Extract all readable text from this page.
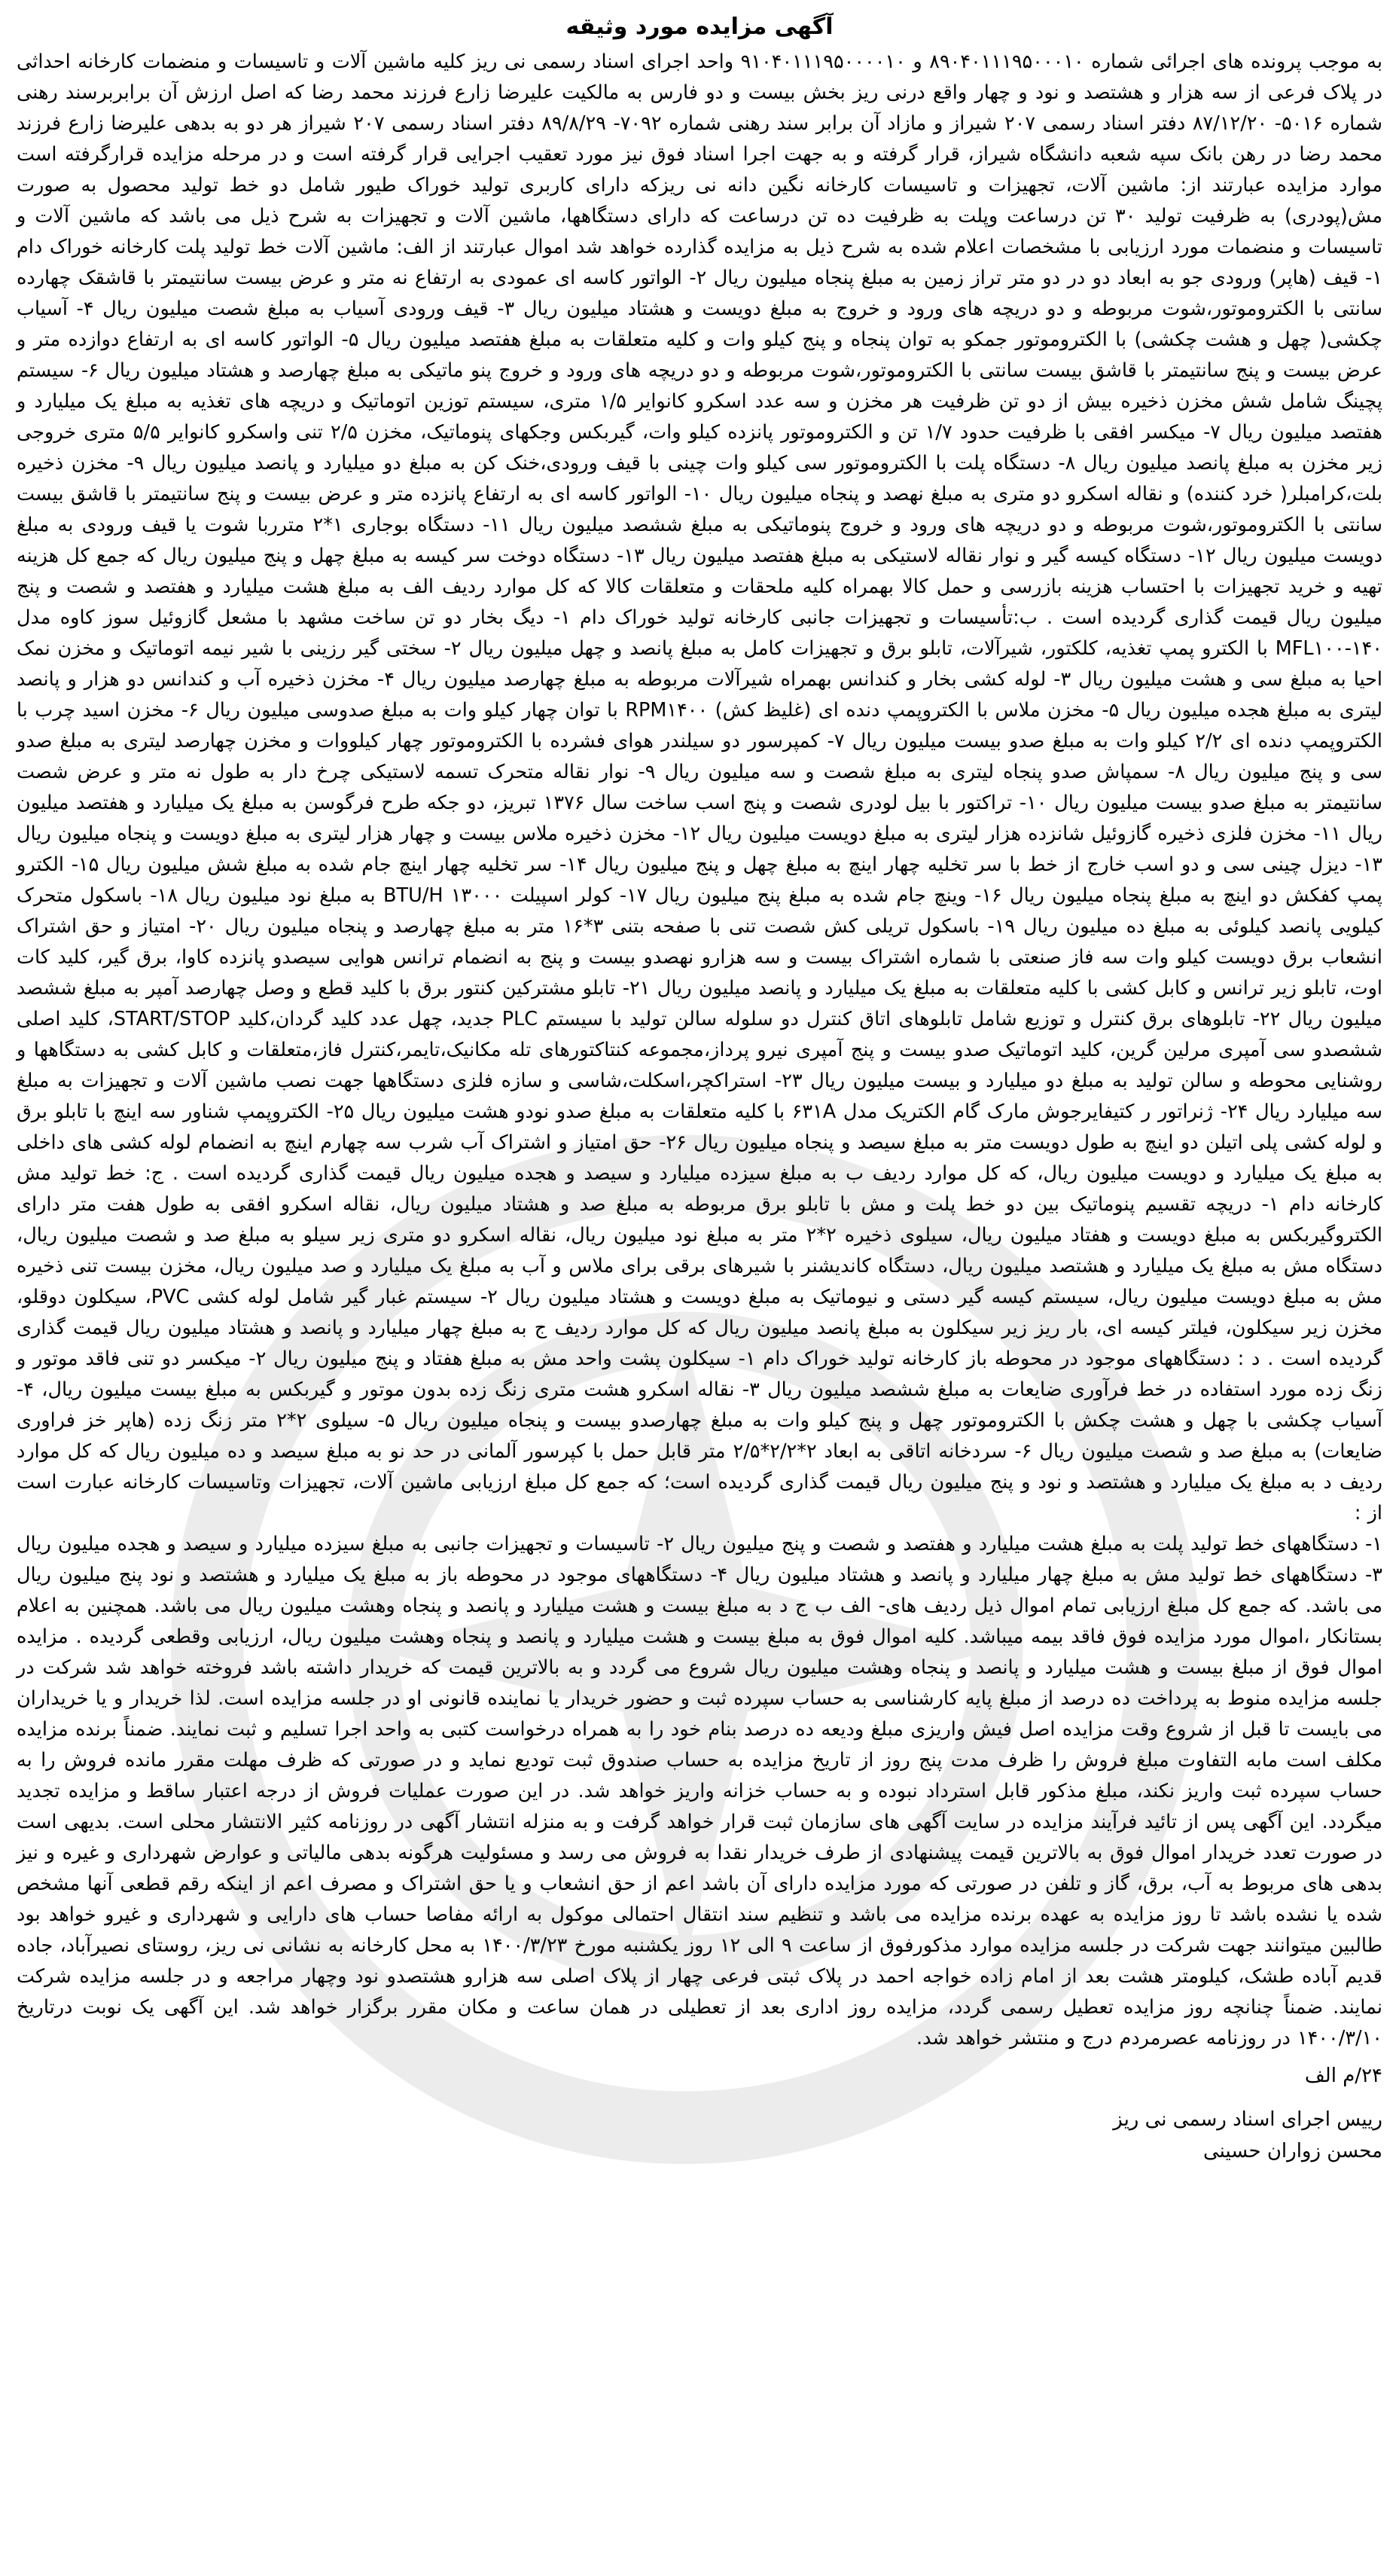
آگهی مزایده مورد وثیقه

به موجب پرونده های اجرائی شماره ۸۹۰۴۰۱۱۱۹۵۰۰۰۱۰ و ۹۱۰۴۰۱۱۱۹۵۰۰۰۰۱۰ واحد اجرای اسناد رسمی نی ریز کلیه ماشین آلات و تاسیسات و منضمات کارخانه احداثی در پلاک فرعی از سه هزار و هشتصد و نود و چهار واقع درنی ریز بخش بیست و دو فارس به مالکیت علیرضا زارع فرزند محمد رضا که اصل ارزش آن برابربرسند رهنی شماره ۵۰۱۶- ۸۷/۱۲/۲۰ دفتر اسناد رسمی ۲۰۷ شیراز و مازاد آن برابر سند رهنی شماره ۷۰۹۲- ۸۹/۸/۲۹ دفتر اسناد رسمی ۲۰۷ شیراز هر دو به بدهی علیرضا زارع فرزند محمد رضا در رهن بانک سپه شعبه دانشگاه شیراز، قرار گرفته و به جهت اجرا اسناد فوق نیز مورد تعقیب اجرایی قرار گرفته است و در مرحله مزایده قرارگرفته است موارد مزایده عبارتند از: ماشین آلات، تجهیزات و تاسیسات کارخانه نگین دانه نی ریزکه دارای کاربری تولید خوراک طیور شامل دو خط تولید محصول به صورت مش(پودری) به ظرفیت تولید ۳۰ تن درساعت وپلت به ظرفیت ده تن درساعت که دارای دستگاهها، ماشین آلات و تجهیزات به شرح ذیل می باشد که ماشین آلات و تاسیسات و منضمات مورد ارزیابی با مشخصات اعلام شده به شرح ذیل به مزایده گذارده خواهد شد اموال عبارتند از الف: ماشین آلات خط تولید پلت کارخانه خوراک دام ۱- قیف (هاپر) ورودی جو به ابعاد دو در دو متر تراز زمین به مبلغ پنجاه میلیون ریال ۲- الواتور کاسه ای عمودی به ارتفاع نه متر و عرض بیست سانتیمتر با قاشقک چهارده سانتی با الکتروموتور،شوت مربوطه و دو دریچه های ورود و خروج به مبلغ دویست و هشتاد میلیون ریال ۳- قیف ورودی آسیاب به مبلغ شصت میلیون ریال ۴- آسیاب چکشی( چهل و هشت چکشی) با الکتروموتور جمکو به توان پنجاه و پنج کیلو وات و کلیه متعلقات به مبلغ هفتصد میلیون ریال ۵- الواتور کاسه ای به ارتفاع دوازده متر و عرض بیست و پنج سانتیمتر با قاشق بیست سانتی با الکتروموتور،شوت مربوطه و دو دریچه های ورود و خروج پنو ماتیکی به مبلغ چهارصد و هشتاد میلیون ریال ۶- سیستم پچینگ شامل شش مخزن ذخیره بیش از دو تن ظرفیت هر مخزن و سه عدد اسکرو کانوایر ۱/۵ متری، سیستم توزین اتوماتیک و دریچه های تغذیه به مبلغ یک میلیارد و هفتصد میلیون ریال ۷- میکسر افقی با ظرفیت حدود ۱/۷ تن و الکتروموتور پانزده کیلو وات، گیربکس وجکهای پنوماتیک، مخزن ۲/۵ تنی واسکرو کانوایر ۵/۵ متری خروجی زیر مخزن به مبلغ پانصد میلیون ریال ۸- دستگاه پلت با الکتروموتور سی کیلو وات چینی با قیف ورودی،خنک کن به مبلغ دو میلیارد و پانصد میلیون ریال ۹- مخزن ذخیره بلت،کرامبلر( خرد کننده) و نقاله اسکرو دو متری به مبلغ نهصد و پنجاه میلیون ریال ۱۰- الواتور کاسه ای به ارتفاع پانزده متر و عرض بیست و پنج سانتیمتر با قاشق بیست سانتی با الکتروموتور،شوت مربوطه و دو دریچه های ورود و خروج پنوماتیکی به مبلغ ششصد میلیون ریال ۱۱- دستگاه بوجاری ۱*۲ مترربا شوت یا قیف ورودی به مبلغ دویست میلیون ریال ۱۲- دستگاه کیسه گیر و نوار نقاله لاستیکی به مبلغ هفتصد میلیون ریال ۱۳- دستگاه دوخت سر کیسه به مبلغ چهل و پنج میلیون ریال که جمع کل هزینه تهیه و خرید تجهیزات با احتساب هزینه بازرسی و حمل کالا بهمراه کلیه ملحقات و متعلقات کالا که کل موارد ردیف الف به مبلغ هشت میلیارد و هفتصد و شصت و پنج میلیون ریال قیمت گذاری گردیده است . ب:تأسیسات و تجهیزات جانبی کارخانه تولید خوراک دام ۱- دیگ بخار دو تن ساخت مشهد با مشعل گازوئیل سوز کاوه مدل MFL۱۰۰-۱۴۰ با الکترو پمپ تغذیه، کلکتور، شیرآلات، تابلو برق و تجهیزات کامل به مبلغ پانصد و چهل میلیون ریال ۲- سختی گیر رزینی با شیر نیمه اتوماتیک و مخزن نمک احیا به مبلغ سی و هشت میلیون ریال ۳- لوله کشی بخار و کندانس بهمراه شیرآلات مربوطه به مبلغ چهارصد میلیون ریال ۴- مخزن ذخیره آب و کندانس دو هزار و پانصد لیتری به مبلغ هجده میلیون ریال ۵- مخزن ملاس با الکتروپمپ دنده ای (غلیظ کش) RPM۱۴۰۰ با توان چهار کیلو وات به مبلغ صدوسی میلیون ریال ۶- مخزن اسید چرب با الکتروپمپ دنده ای ۲/۲ کیلو وات به مبلغ صدو بیست میلیون ریال ۷- کمپرسور دو سیلندر هوای فشرده با الکتروموتور چهار کیلووات و مخزن چهارصد لیتری به مبلغ صدو سی و پنج میلیون ریال ۸- سمپاش صدو پنجاه لیتری به مبلغ شصت و سه میلیون ریال ۹- نوار نقاله متحرک تسمه لاستیکی چرخ دار به طول نه متر و عرض شصت سانتیمتر به مبلغ صدو بیست میلیون ریال ۱۰- تراکتور با بیل لودری شصت و پنج اسب ساخت سال ۱۳۷۶ تبریز، دو جکه طرح فرگوسن به مبلغ یک میلیارد و هفتصد میلیون ریال ۱۱- مخزن فلزی ذخیره گازوئیل شانزده هزار لیتری به مبلغ دویست میلیون ریال ۱۲- مخزن ذخیره ملاس بیست و چهار هزار لیتری به مبلغ دویست و پنجاه میلیون ریال ۱۳- دیزل چینی سی و دو اسب خارج از خط با سر تخلیه چهار اینچ به مبلغ چهل و پنج میلیون ریال ۱۴- سر تخلیه چهار اینچ جام شده به مبلغ شش میلیون ریال ۱۵- الکترو پمپ کفکش دو اینچ به مبلغ پنجاه میلیون ریال ۱۶- وینچ جام شده به مبلغ پنج میلیون ریال ۱۷- کولر اسپیلت BTU/H ۱۳۰۰۰ به مبلغ نود میلیون ریال ۱۸- باسکول متحرک کیلویی پانصد کیلوئی به مبلغ ده میلیون ریال ۱۹- باسکول تریلی کش شصت تنی با صفحه بتنی ۳*۱۶ متر به مبلغ چهارصد و پنجاه میلیون ریال ۲۰- امتیاز و حق اشتراک انشعاب برق دویست کیلو وات سه فاز صنعتی با شماره اشتراک بیست و سه هزارو نهصدو بیست و پنج به انضمام ترانس هوایی سیصدو پانزده کاوا، برق گیر، کلید کات اوت، تابلو زیر ترانس و کابل کشی با کلیه متعلقات به مبلغ یک میلیارد و پانصد میلیون ریال ۲۱- تابلو مشترکین کنتور برق با کلید قطع و وصل چهارصد آمپر به مبلغ ششصد میلیون ریال ۲۲- تابلوهای برق کنترل و توزیع شامل تابلوهای اتاق کنترل دو سلوله سالن تولید با سیستم PLC جدید، چهل عدد کلید گردان،کلید START/STOP، کلید اصلی ششصدو سی آمپری مرلین گرین، کلید اتوماتیک صدو بیست و پنج آمپری نیرو پرداز،مجموعه کنتاکتورهای تله مکانیک،تایمر،کنترل فاز،متعلقات و کابل کشی به دستگاهها و روشنایی محوطه و سالن تولید به مبلغ دو میلیارد و بیست میلیون ریال ۲۳- استراکچر،اسکلت،شاسی و سازه فلزی دستگاهها جهت نصب ماشین آلات و تجهیزات به مبلغ سه میلیارد ریال ۲۴- ژنراتور ر کتیفایرجوش مارک گام الکتریک مدل ۶۳۱A با کلیه متعلقات به مبلغ صدو نودو هشت میلیون ریال ۲۵- الکتروپمپ شناور سه اینچ با تابلو برق و لوله کشی پلی اتیلن دو اینچ به طول دویست متر به مبلغ سیصد و پنجاه میلیون ریال ۲۶- حق امتیاز و اشتراک آب شرب سه چهارم اینچ به انضمام لوله کشی های داخلی به مبلغ یک میلیارد و دویست میلیون ریال، که کل موارد ردیف ب به مبلغ سیزده میلیارد و سیصد و هجده میلیون ریال قیمت گذاری گردیده است . ج: خط تولید مش کارخانه دام ۱- دریچه تقسیم پنوماتیک بین دو خط پلت و مش با تابلو برق مربوطه به مبلغ صد و هشتاد میلیون ریال، نقاله اسکرو افقی به طول هفت متر دارای الکتروگیربکس به مبلغ دویست و هفتاد میلیون ریال، سیلوی ذخیره ۲*۲ متر به مبلغ نود میلیون ریال، نقاله اسکرو دو متری زیر سیلو به مبلغ صد و شصت میلیون ریال، دستگاه مش به مبلغ یک میلیارد و هشتصد میلیون ریال، دستگاه کاندیشنر با شیرهای برقی برای ملاس و آب به مبلغ یک میلیارد و صد میلیون ریال، مخزن بیست تنی ذخیره مش به مبلغ دویست میلیون ریال، سیستم کیسه گیر دستی و نیوماتیک به مبلغ دویست و هشتاد میلیون ریال ۲- سیستم غبار گیر شامل لوله کشی PVC، سیکلون دوقلو، مخزن زیر سیکلون، فیلتر کیسه ای، بار ریز زیر سیکلون به مبلغ پانصد میلیون ریال که کل موارد ردیف ج به مبلغ چهار میلیارد و پانصد و هشتاد میلیون ریال قیمت گذاری گردیده است . د : دستگاههای موجود در محوطه باز کارخانه تولید خوراک دام ۱- سیکلون پشت واحد مش به مبلغ هفتاد و پنج میلیون ریال ۲- میکسر دو تنی فاقد موتور و زنگ زده مورد استفاده در خط فرآوری ضایعات به مبلغ ششصد میلیون ریال ۳- نقاله اسکرو هشت متری زنگ زده بدون موتور و گیربکس به مبلغ بیست میلیون ریال، ۴- آسیاب چکشی با چهل و هشت چکش با الکتروموتور چهل و پنج کیلو وات به مبلغ چهارصدو بیست و پنجاه میلیون ریال ۵- سیلوی ۲*۲ متر زنگ زده (هاپر خز فراوری ضایعات) به مبلغ صد و شصت میلیون ریال ۶- سردخانه اتاقی به ابعاد ۲*۲/۲*۲/۵ متر قابل حمل با کپرسور آلمانی در حد نو به مبلغ سیصد و ده میلیون ریال که کل موارد ردیف د به مبلغ یک میلیارد و هشتصد و نود و پنج میلیون ریال قیمت گذاری گردیده است؛ که جمع کل مبلغ ارزیابی ماشین آلات، تجهیزات وتاسیسات کارخانه عبارت است از :

۱- دستگاههای خط تولید پلت به مبلغ هشت میلیارد و هفتصد و شصت و پنج میلیون ریال ۲- تاسیسات و تجهیزات جانبی به مبلغ سیزده میلیارد و سیصد و هجده میلیون ریال ۳- دستگاههای خط تولید مش به مبلغ چهار میلیارد و پانصد و هشتاد میلیون ریال ۴- دستگاههای موجود در محوطه باز به مبلغ یک میلیارد و هشتصد و نود پنج میلیون ریال می باشد. که جمع کل مبلغ ارزیابی تمام اموال ذیل ردیف های- الف ب ج د به مبلغ بیست و هشت میلیارد و پانصد و پنجاه وهشت میلیون ریال می باشد. همچنین به اعلام بستانکار ،اموال مورد مزایده فوق فاقد بیمه میباشد. کلیه اموال فوق به مبلغ بیست و هشت میلیارد و پانصد و پنجاه وهشت میلیون ریال، ارزیابی وقطعی گردیده . مزایده اموال فوق از مبلغ بیست و هشت میلیارد و پانصد و پنجاه وهشت میلیون ریال شروع می گردد و به بالاترین قیمت که خریدار داشته باشد فروخته خواهد شد شرکت در جلسه مزایده منوط به پرداخت ده درصد از مبلغ پایه کارشناسی به حساب سپرده ثبت و حضور خریدار یا نماینده قانونی او در جلسه مزایده است. لذا خریدار و یا خریداران می بایست تا قبل از شروع وقت مزایده اصل فیش واریزی مبلغ ودیعه ده درصد بنام خود را به همراه درخواست کتبی به واحد اجرا تسلیم و ثبت نمایند. ضمناً برنده مزایده مکلف است مابه التفاوت مبلغ فروش را ظرف مدت پنج روز از تاریخ مزایده به حساب صندوق ثبت تودیع نماید و در صورتی که ظرف مهلت مقرر مانده فروش را به حساب سپرده ثبت واریز نکند، مبلغ مذکور قابل استرداد نبوده و به حساب خزانه واریز خواهد شد. در این صورت عملیات فروش از درجه اعتبار ساقط و مزایده تجدید میگردد. این آگهی پس از تائید فرآیند مزایده در سایت آگهی های سازمان ثبت قرار خواهد گرفت و به منزله انتشار آگهی در روزنامه کثیر الانتشار محلی است. بدیهی است در صورت تعدد خریدار اموال فوق به بالاترین قیمت پیشنهادی از طرف خریدار نقدا به فروش می رسد و مسئولیت هرگونه بدهی مالیاتی و عوارض شهرداری و غیره و نیز بدهی های مربوط به آب، برق، گاز و تلفن در صورتی که مورد مزایده دارای آن باشد اعم از حق انشعاب و یا حق اشتراک و مصرف اعم از اینکه رقم قطعی آنها مشخص شده یا نشده باشد تا روز مزایده به عهده برنده مزایده می باشد و تنظیم سند انتقال احتمالی موکول به ارائه مفاصا حساب های دارایی و شهرداری و غیرو خواهد بود طالبین میتوانند جهت شرکت در جلسه مزایده موارد مذکورفوق از ساعت ۹ الی ۱۲ روز یکشنبه مورخ ۱۴۰۰/۳/۲۳ به محل کارخانه به نشانی نی ریز، روستای نصیرآباد، جاده قدیم آباده طشک، کیلومتر هشت بعد از امام زاده خواجه احمد در پلاک ثبتی فرعی چهار از پلاک اصلی سه هزارو هشتصدو نود وچهار مراجعه و در جلسه مزایده شرکت نمایند. ضمناً چنانچه روز مزایده تعطیل رسمی گردد، مزایده روز اداری بعد از تعطیلی در همان ساعت و مکان مقرر برگزار خواهد شد. این آگهی یک نوبت درتاریخ ۱۴۰۰/۳/۱۰ در روزنامه عصرمردم درج و منتشر خواهد شد.

۲۴/م الف
رییس اجرای اسناد رسمی نی ریز
محسن زواران حسینی
